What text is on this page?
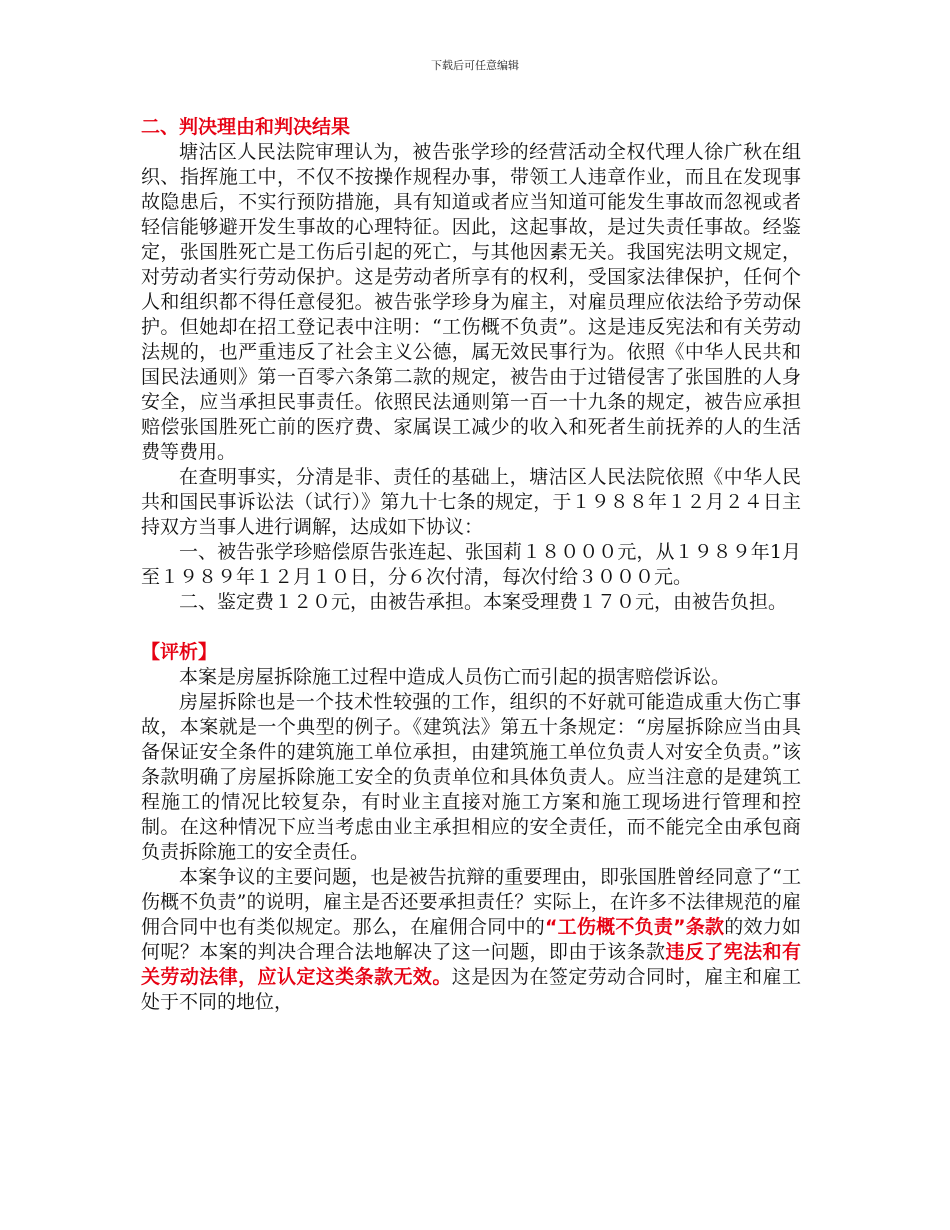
下载后可任意编辑
二、判决理由和判决结果

塘沽区人民法院审理认为，被告张学珍的经营活动全权代理人徐广秋在组织、指挥施工中，不仅不按操作规程办事，带领工人违章作业，而且在发现事故隐患后，不实行预防措施，具有知道或者应当知道可能发生事故而忽视或者轻信能够避开发生事故的心理特征。因此，这起事故，是过失责任事故。经鉴定，张国胜死亡是工伤后引起的死亡，与其他因素无关。我国宪法明文规定，对劳动者实行劳动保护。这是劳动者所享有的权利，受国家法律保护，任何个人和组织都不得任意侵犯。被告张学珍身为雇主，对雇员理应依法给予劳动保护。但她却在招工登记表中注明：“工伤概不负责”。这是违反宪法和有关劳动法规的，也严重违反了社会主义公德，属无效民事行为。依照《中华人民共和国民法通则》第一百零六条第二款的规定，被告由于过错侵害了张国胜的人身安全，应当承担民事责任。依照民法通则第一百一十九条的规定，被告应承担赔偿张国胜死亡前的医疗费、家属误工减少的收入和死者生前抚养的人的生活费等费用。

在查明事实，分清是非、责任的基础上，塘沽区人民法院依照《中华人民共和国民事诉讼法（试行）》第九十七条的规定，于１９８８年１２月２４日主持双方当事人进行调解，达成如下协议：

一、被告张学珍赔偿原告张连起、张国莉１８０００元，从１９８９年1月至１９８９年１２月１０日，分６次付清，每次付给３０００元。

二、鉴定费１２０元，由被告承担。本案受理费１７０元，由被告负担。

【评析】

本案是房屋拆除施工过程中造成人员伤亡而引起的损害赔偿诉讼。

房屋拆除也是一个技术性较强的工作，组织的不好就可能造成重大伤亡事故，本案就是一个典型的例子。《建筑法》第五十条规定：“房屋拆除应当由具备保证安全条件的建筑施工单位承担，由建筑施工单位负责人对安全负责。”该条款明确了房屋拆除施工安全的负责单位和具体负责人。应当注意的是建筑工程施工的情况比较复杂，有时业主直接对施工方案和施工现场进行管理和控制。在这种情况下应当考虑由业主承担相应的安全责任，而不能完全由承包商负责拆除施工的安全责任。

本案争议的主要问题，也是被告抗辩的重要理由，即张国胜曾经同意了“工伤概不负责”的说明，雇主是否还要承担责任？实际上，在许多不法律规范的雇佣合同中也有类似规定。那么，在雇佣合同中的“工伤概不负责”条款的效力如何呢？本案的判决合理合法地解决了这一问题，即由于该条款违反了宪法和有关劳动法律，应认定这类条款无效。这是因为在签定劳动合同时，雇主和雇工处于不同的地位，
